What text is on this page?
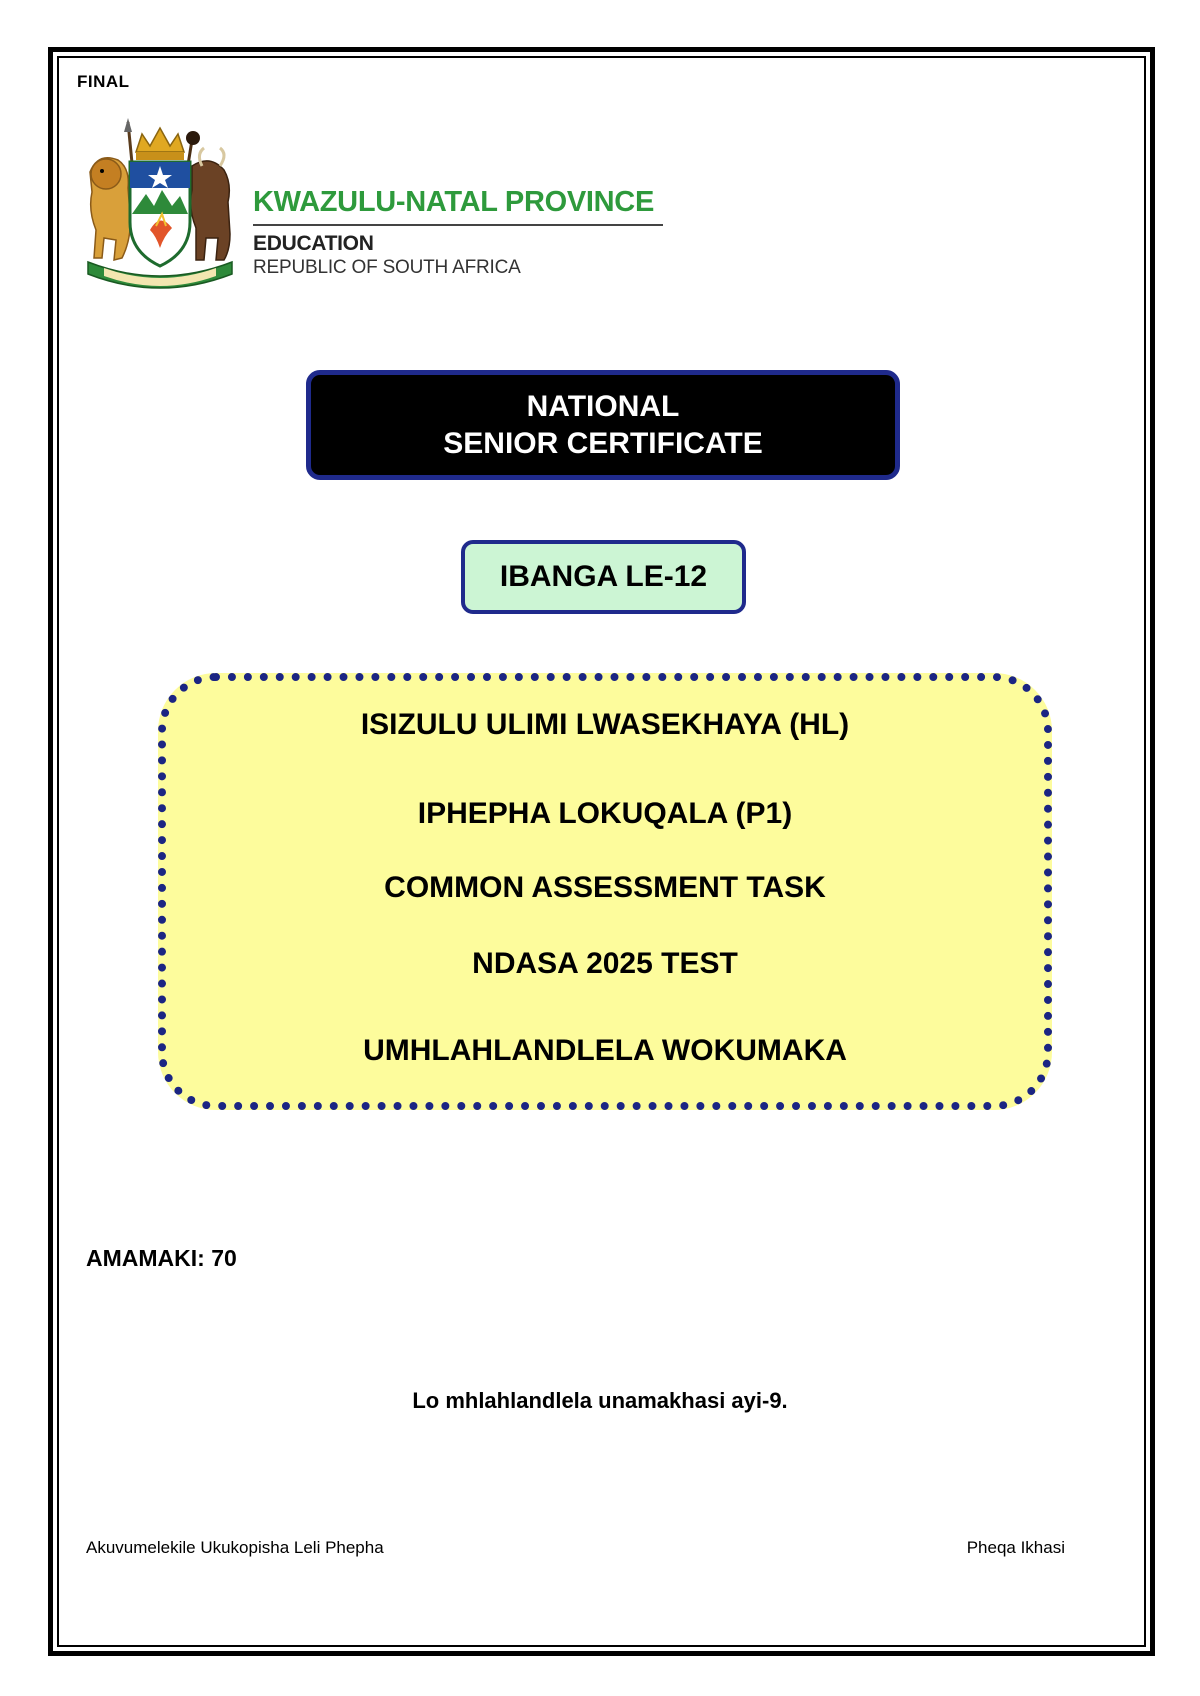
FINAL
KWAZULU-NATAL PROVINCE
EDUCATION
REPUBLIC OF SOUTH AFRICA
NATIONAL
SENIOR CERTIFICATE
IBANGA LE-12
ISIZULU ULIMI LWASEKHAYA (HL)
IPHEPHA LOKUQALA (P1)
COMMON ASSESSMENT TASK
NDASA 2025 TEST
UMHLAHLANDLELA WOKUMAKA
AMAMAKI: 70
Lo mhlahlandlela unamakhasi ayi-9.
Akuvumelekile Ukukopisha Leli Phepha	Pheqa Ikhasi
